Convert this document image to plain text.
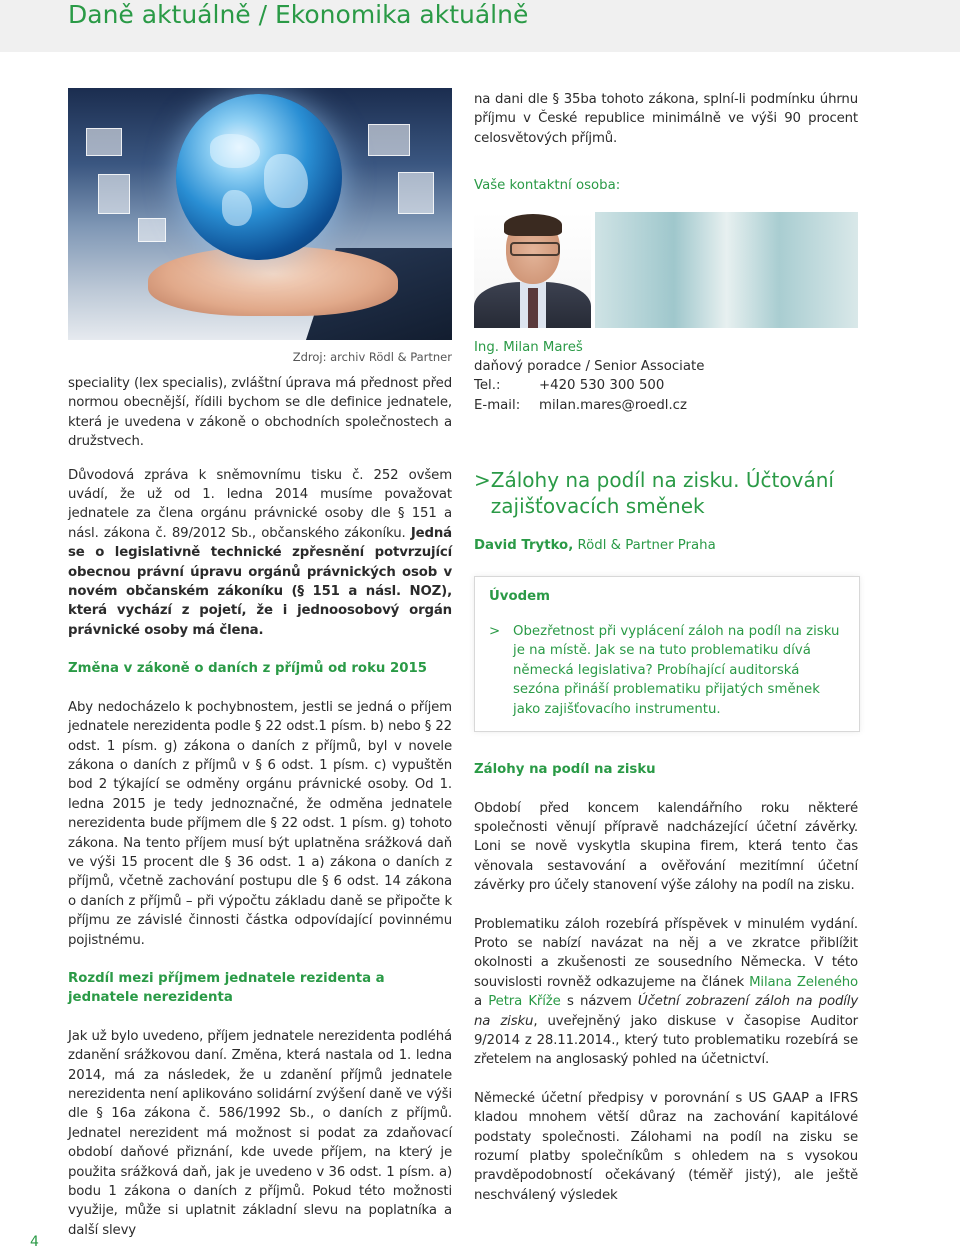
Daně aktuálně / Ekonomika aktuálně
Zdroj: archiv Rödl & Partner

speciality (lex specialis), zvláštní úprava má přednost před normou obecnější, řídili bychom se dle definice jednatele, která je uvedena v zákoně o obchodních společnostech a družstvech.

Důvodová zpráva k sněmovnímu tisku č. 252 ovšem uvádí, že už od 1. ledna 2014 musíme považovat jednatele za člena orgánu právnické osoby dle § 151 a násl. zákona č. 89/2012 Sb., občanského zákoníku. Jedná se o legislativně technické zpřesnění potvrzující obecnou právní úpravu orgánů právnických osob v novém občanském zákoníku (§ 151 a násl. NOZ), která vychází z pojetí, že i jednoosobový orgán právnické osoby má člena.

Změna v zákoně o daních z příjmů od roku 2015

Aby nedocházelo k pochybnostem, jestli se jedná o příjem jednatele nerezidenta podle § 22 odst.1 písm. b) nebo § 22 odst. 1 písm. g) zákona o daních z příjmů, byl v novele zákona o daních z příjmů v § 6 odst. 1 písm. c) vypuštěn bod 2 týkající se odměny orgánu právnické osoby. Od 1. ledna 2015 je tedy jednoznačné, že odměna jednatele nerezidenta bude příjmem dle § 22 odst. 1 písm. g) tohoto zákona. Na tento příjem musí být uplatněna srážková daň ve výši 15 procent dle § 36 odst. 1 a) zákona o daních z příjmů, včetně zachování postupu dle § 6 odst. 14 zákona o daních z příjmů – při výpočtu základu daně se připočte k příjmu ze závislé činnosti částka odpovídající povinnému pojistnému.

Rozdíl mezi příjmem jednatele rezidenta a jednatele nerezidenta

Jak už bylo uvedeno, příjem jednatele nerezidenta podléhá zdanění srážkovou daní. Změna, která nastala od 1. ledna 2014, má za následek, že u zdanění příjmů jednatele nerezidenta není aplikováno solidární zvýšení daně ve výši dle § 16a zákona č. 586/1992 Sb., o daních z příjmů. Jednatel nerezident má možnost si podat za zdaňovací období daňové přiznání, kde uvede příjem, na který je použita srážková daň, jak je uvedeno v 36 odst. 1 písm. a) bodu 1 zákona o daních z příjmů. Pokud této možnosti využije, může si uplatnit základní slevu na poplatníka a další slevy

na dani dle § 35ba tohoto zákona, splní-li podmínku úhrnu příjmu v České republice minimálně ve výši 90 procent celosvětových příjmů.

Vaše kontaktní osoba:
Ing. Milan Mareš
daňový poradce / Senior Associate
Tel.:	+420 530 300 500
E-mail:	milan.mares@roedl.cz
> Zálohy na podíl na zisku. Účtování zajišťovacích směnek
David Trytko, Rödl & Partner Praha
Úvodem
> Obezřetnost při vyplácení záloh na podíl na zisku je na místě. Jak se na tuto problematiku dívá německá legislativa? Probíhající auditorská sezóna přináší problematiku přijatých směnek jako zajišťovacího instrumentu.
Zálohy na podíl na zisku

Období před koncem kalendářního roku některé společnosti věnují přípravě nadcházející účetní závěrky. Loni se nově vyskytla skupina firem, která tento čas věnovala sestavování a ověřování mezitímní účetní závěrky pro účely stanovení výše zálohy na podíl na zisku.

Problematiku záloh rozebírá příspěvek v minulém vydání. Proto se nabízí navázat na něj a ve zkratce přiblížit okolnosti a zkušenosti ze sousedního Německa. V této souvislosti rovněž odkazujeme na článek Milana Zeleného a Petra Kříže s názvem Účetní zobrazení záloh na podíly na zisku, uveřejněný jako diskuse v časopise Auditor 9/2014 z 28.11.2014., který tuto problematiku rozebírá se zřetelem na anglosaský pohled na účetnictví.

Německé účetní předpisy v porovnání s US GAAP a IFRS kladou mnohem větší důraz na zachování kapitálové podstaty společnosti. Zálohami na podíl na zisku se rozumí platby společníkům s ohledem na s vysokou pravděpodobností očekávaný (téměř jistý), ale ještě neschválený výsledek

4
